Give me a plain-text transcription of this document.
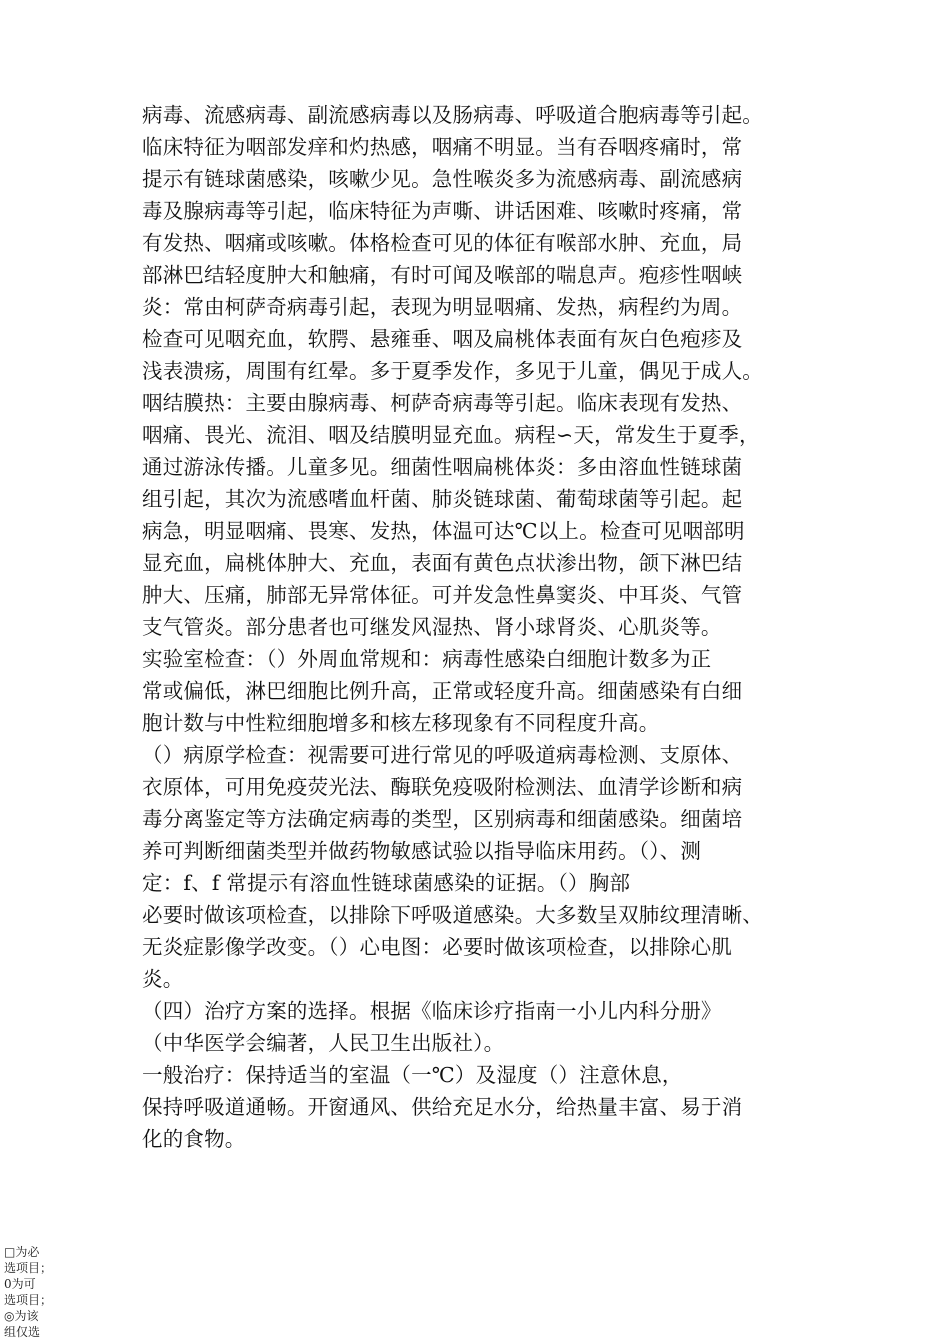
病毒、流感病毒、副流感病毒以及肠病毒、呼吸道合胞病毒等引起。
临床特征为咽部发痒和灼热感，咽痛不明显。当有吞咽疼痛时，常
提示有链球菌感染，咳嗽少见。急性喉炎多为流感病毒、副流感病
毒及腺病毒等引起，临床特征为声嘶、讲话困难、咳嗽时疼痛，常
有发热、咽痛或咳嗽。体格检查可见的体征有喉部水肿、充血，局
部淋巴结轻度肿大和触痛，有时可闻及喉部的喘息声。疱疹性咽峡
炎：常由柯萨奇病毒引起，表现为明显咽痛、发热，病程约为周。
检查可见咽充血，软腭、悬雍垂、咽及扁桃体表面有灰白色疱疹及
浅表溃疡，周围有红晕。多于夏季发作，多见于儿童，偶见于成人。
咽结膜热：主要由腺病毒、柯萨奇病毒等引起。临床表现有发热、
咽痛、畏光、流泪、咽及结膜明显充血。病程∽天，常发生于夏季，
通过游泳传播。儿童多见。细菌性咽扁桃体炎：多由溶血性链球菌
组引起，其次为流感嗜血杆菌、肺炎链球菌、葡萄球菌等引起。起
病急，明显咽痛、畏寒、发热，体温可达℃以上。检查可见咽部明
显充血，扁桃体肿大、充血，表面有黄色点状渗出物，颌下淋巴结
肿大、压痛，肺部无异常体征。可并发急性鼻窦炎、中耳炎、气管
支气管炎。部分患者也可继发风湿热、肾小球肾炎、心肌炎等。
实验室检查：（）外周血常规和：病毒性感染白细胞计数多为正
常或偏低，淋巴细胞比例升高，正常或轻度升高。细菌感染有白细
胞计数与中性粒细胞增多和核左移现象有不同程度升高。
（）病原学检查：视需要可进行常见的呼吸道病毒检测、支原体、
衣原体，可用免疫荧光法、酶联免疫吸附检测法、血清学诊断和病
毒分离鉴定等方法确定病毒的类型，区别病毒和细菌感染。细菌培
养可判断细菌类型并做药物敏感试验以指导临床用药。（）、测
定：f、f 常提示有溶血性链球菌感染的证据。（）胸部
必要时做该项检查，以排除下呼吸道感染。大多数呈双肺纹理清晰、
无炎症影像学改变。（）心电图：必要时做该项检查，以排除心肌
炎。
（四）治疗方案的选择。根据《临床诊疗指南一小儿内科分册》
（中华医学会编著，人民卫生出版社）。
一般治疗：保持适当的室温（一℃）及湿度（）注意休息，
保持呼吸道通畅。开窗通风、供给充足水分，给热量丰富、易于消
化的食物。
□为必
选项目；
0为可
选项目；
◎为该
组仅选
